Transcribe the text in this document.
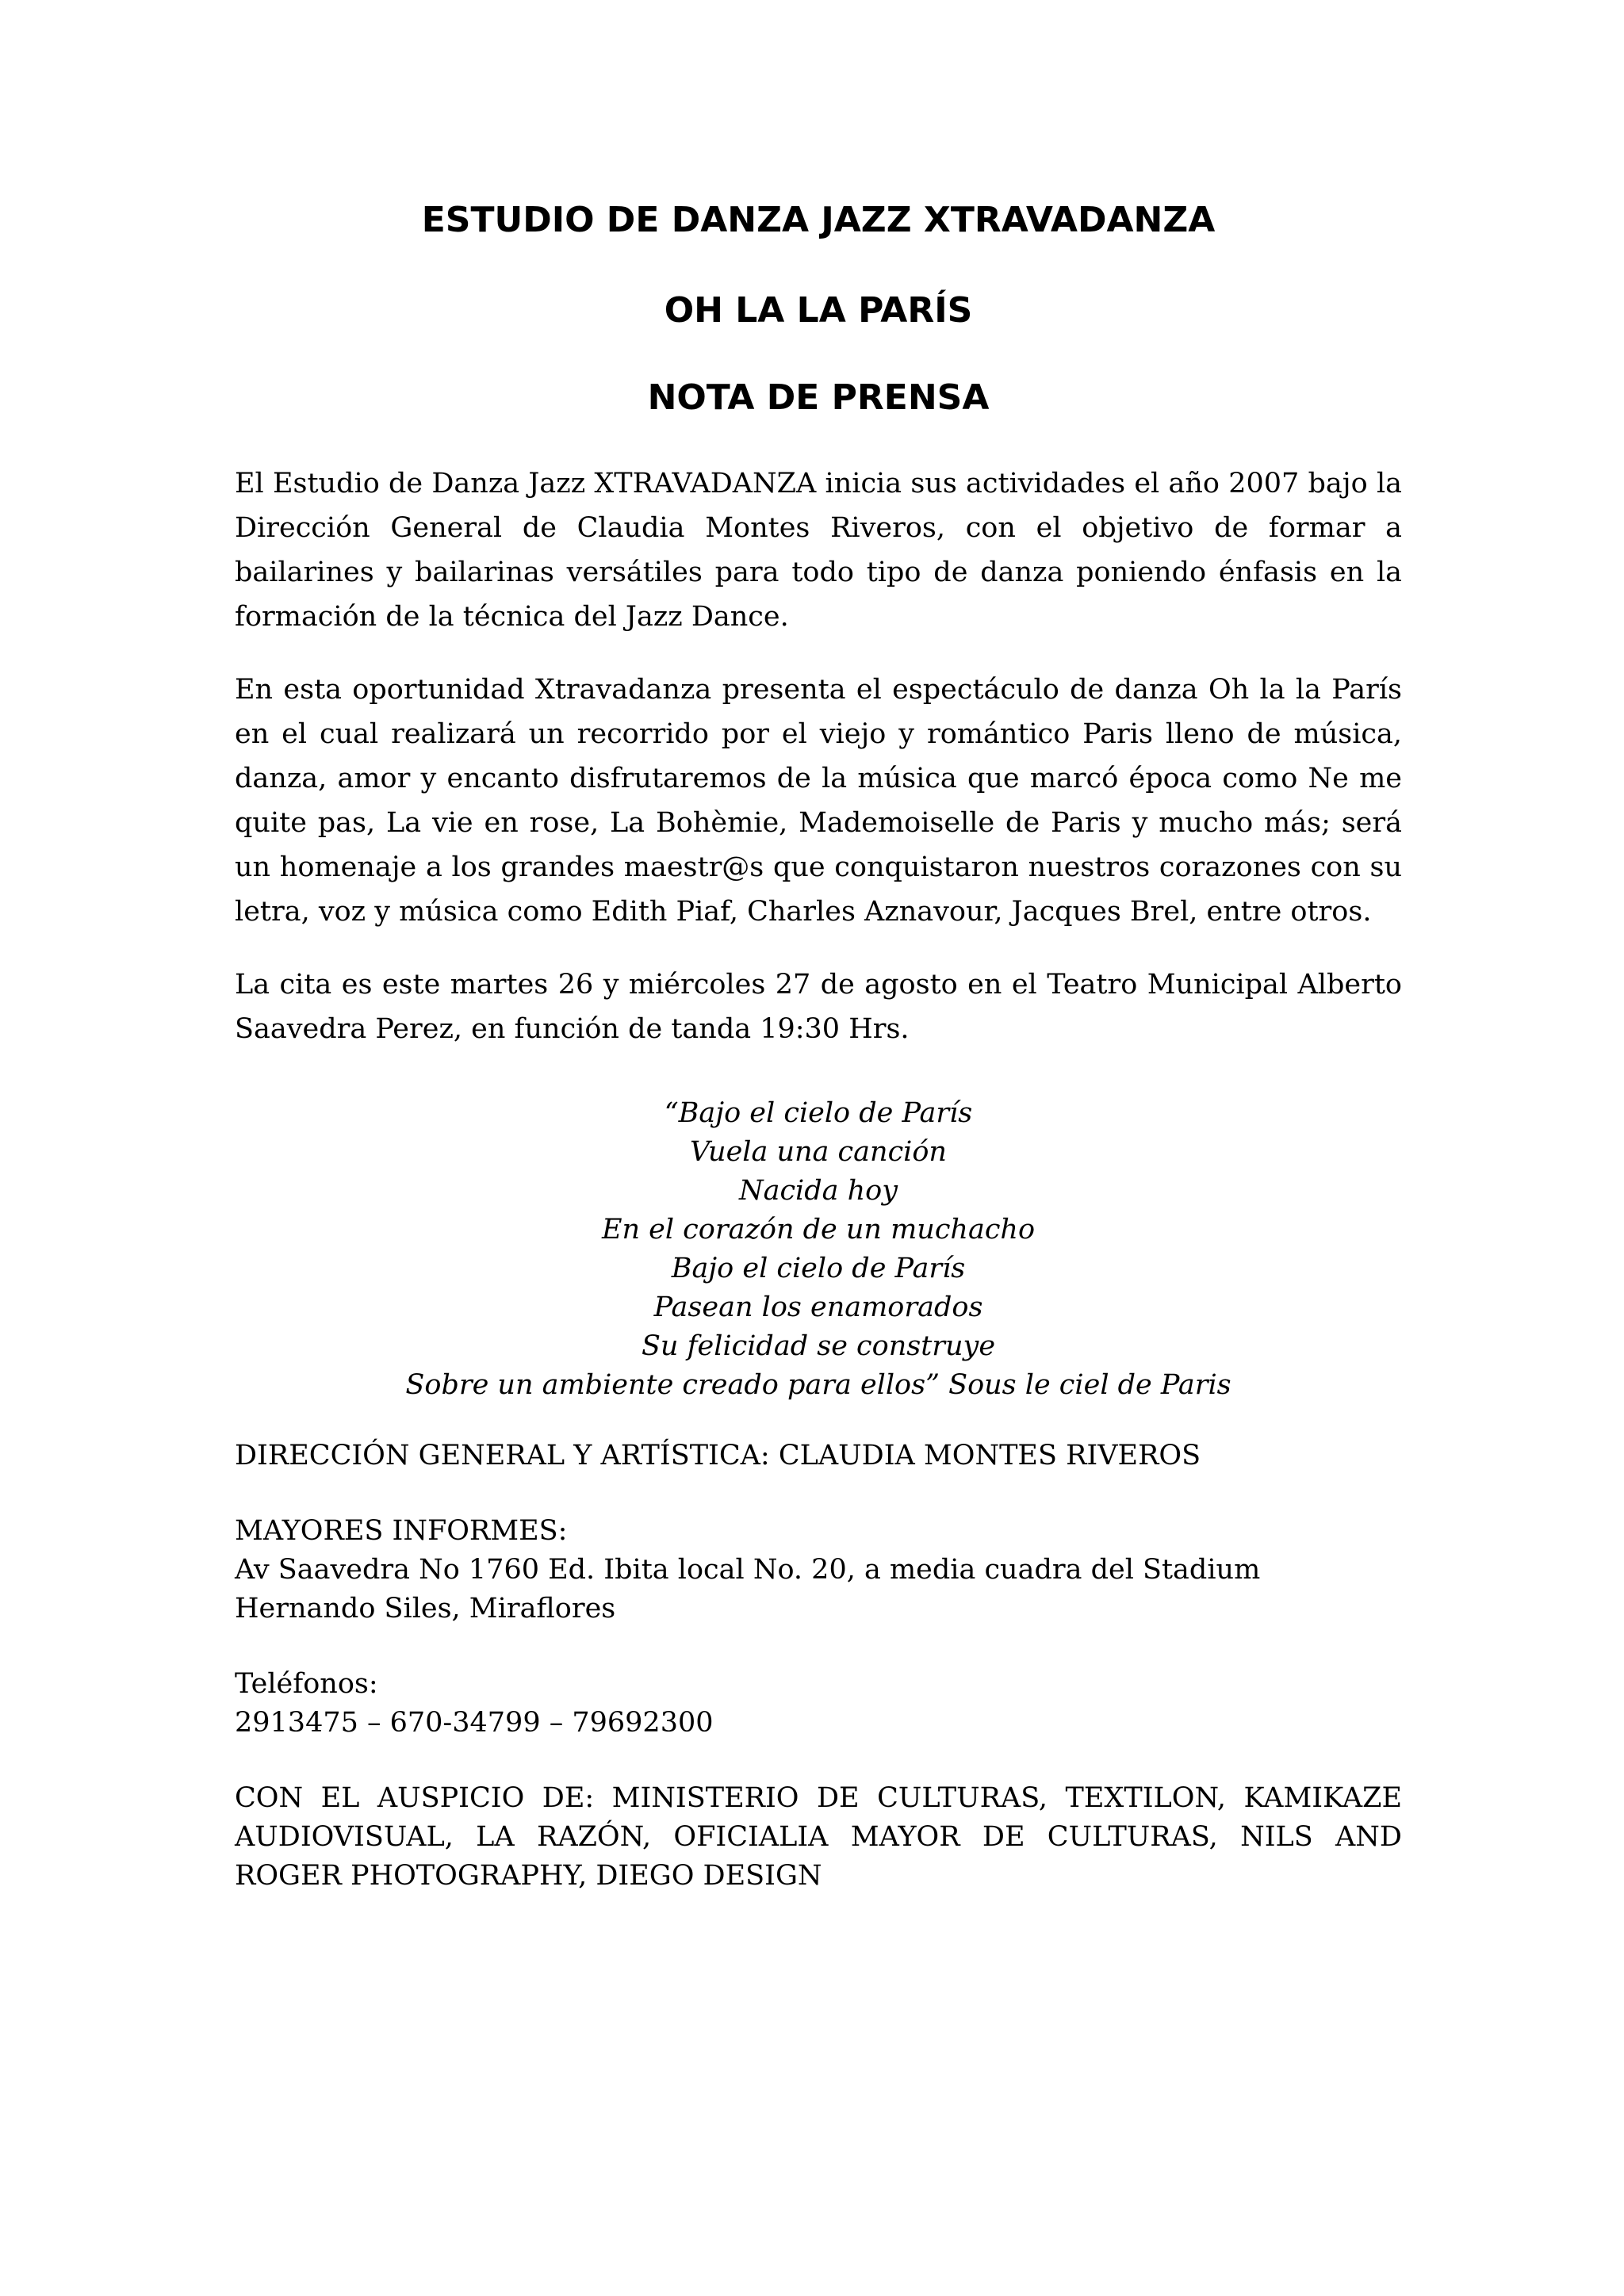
ESTUDIO DE DANZA JAZZ XTRAVADANZA
OH LA LA PARÍS
NOTA DE PRENSA

El Estudio de Danza Jazz XTRAVADANZA inicia sus actividades el año 2007 bajo la Dirección General de Claudia Montes Riveros, con el objetivo de formar a bailarines y bailarinas versátiles para todo tipo de danza poniendo énfasis en la formación de la técnica del Jazz Dance.

En esta oportunidad Xtravadanza presenta el espectáculo de danza Oh la la París en el cual realizará un recorrido por el viejo y romántico Paris lleno de música, danza, amor y encanto disfrutaremos de la música que marcó época como Ne me quite pas, La vie en rose, La Bohèmie, Mademoiselle de Paris y mucho más; será un homenaje a los grandes maestr@s que conquistaron nuestros corazones con su letra, voz y música como Edith Piaf, Charles Aznavour, Jacques Brel, entre otros.

La cita es este martes 26 y miércoles 27 de agosto en el Teatro Municipal Alberto Saavedra Perez, en función de tanda 19:30 Hrs.

“Bajo el cielo de París
Vuela una canción
Nacida hoy
En el corazón de un muchacho
Bajo el cielo de París
Pasean los enamorados
Su felicidad se construye
Sobre un ambiente creado para ellos” Sous le ciel de Paris
DIRECCIÓN GENERAL Y ARTÍSTICA: CLAUDIA MONTES RIVEROS
MAYORES INFORMES:
Av Saavedra No 1760 Ed. Ibita local No. 20, a media cuadra del Stadium Hernando Siles, Miraflores
Teléfonos:
2913475 – 670-34799 – 79692300

CON EL AUSPICIO DE: MINISTERIO DE CULTURAS, TEXTILON, KAMIKAZE AUDIOVISUAL, LA RAZÓN, OFICIALIA MAYOR DE CULTURAS, NILS AND ROGER PHOTOGRAPHY, DIEGO DESIGN
